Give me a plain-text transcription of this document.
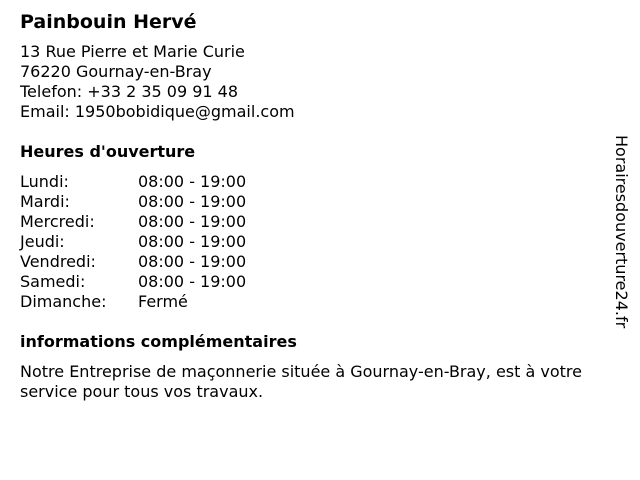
Painbouin Hervé
13 Rue Pierre et Marie Curie
76220 Gournay-en-Bray
Telefon: +33 2 35 09 91 48
Email: 1950bobidique@gmail.com
Heures d'ouverture
Lundi:	08:00 - 19:00
Mardi:	08:00 - 19:00
Mercredi:	08:00 - 19:00
Jeudi:	08:00 - 19:00
Vendredi:	08:00 - 19:00
Samedi:	08:00 - 19:00
Dimanche:	Fermé
informations complémentaires
Notre Entreprise de maçonnerie située à Gournay-en-Bray, est à votre service pour tous vos travaux.
Horairesdouverture24.fr
